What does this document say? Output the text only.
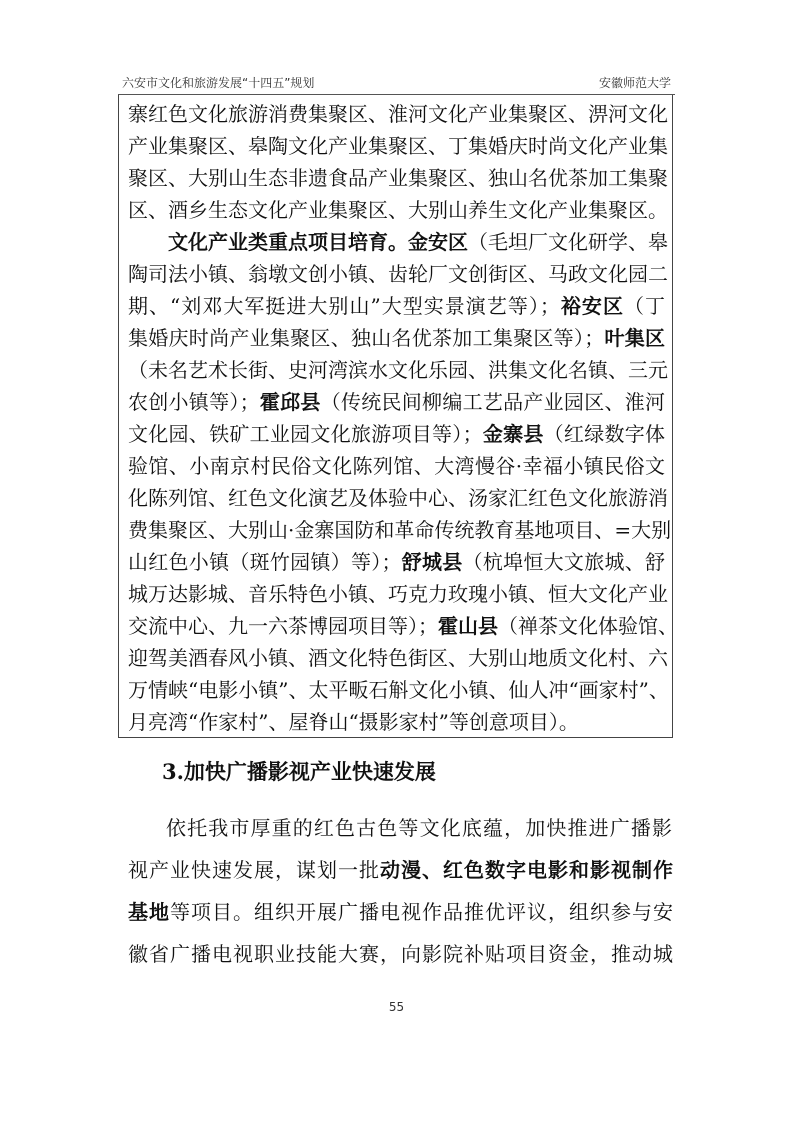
六安市文化和旅游发展“十四五”规划	安徽师范大学
寨红色文化旅游消费集聚区、淮河文化产业集聚区、淠河文化
产业集聚区、皋陶文化产业集聚区、丁集婚庆时尚文化产业集
聚区、大别山生态非遗食品产业集聚区、独山名优茶加工集聚
区、酒乡生态文化产业集聚区、大别山养生文化产业集聚区。
文化产业类重点项目培育。金安区（毛坦厂文化研学、皋
陶司法小镇、翁墩文创小镇、齿轮厂文创街区、马政文化园二
期、“刘邓大军挺进大别山”大型实景演艺等）；裕安区（丁
集婚庆时尚产业集聚区、独山名优茶加工集聚区等）；叶集区
（未名艺术长街、史河湾滨水文化乐园、洪集文化名镇、三元
农创小镇等）；霍邱县（传统民间柳编工艺品产业园区、淮河
文化园、铁矿工业园文化旅游项目等）；金寨县（红绿数字体
验馆、小南京村民俗文化陈列馆、大湾慢谷·幸福小镇民俗文
化陈列馆、红色文化演艺及体验中心、汤家汇红色文化旅游消
费集聚区、大别山·金寨国防和革命传统教育基地项目、=大别
山红色小镇（斑竹园镇）等）；舒城县（杭埠恒大文旅城、舒
城万达影城、音乐特色小镇、巧克力玫瑰小镇、恒大文化产业
交流中心、九一六茶博园项目等）；霍山县（禅茶文化体验馆、
迎驾美酒春风小镇、酒文化特色街区、大别山地质文化村、六
3.加快广播影视产业快速发展
依托我市厚重的红色古色等文化底蕴，加快推进广播影
视产业快速发展，谋划一批动漫、红色数字电影和影视制作
基地等项目。组织开展广播电视作品推优评议，组织参与安
徽省广播电视职业技能大赛，向影院补贴项目资金，推动城
55
万情峡“电影小镇”、太平畈石斛文化小镇、仙人冲“画家村”、
月亮湾“作家村”、屋脊山“摄影家村”等创意项目）。
